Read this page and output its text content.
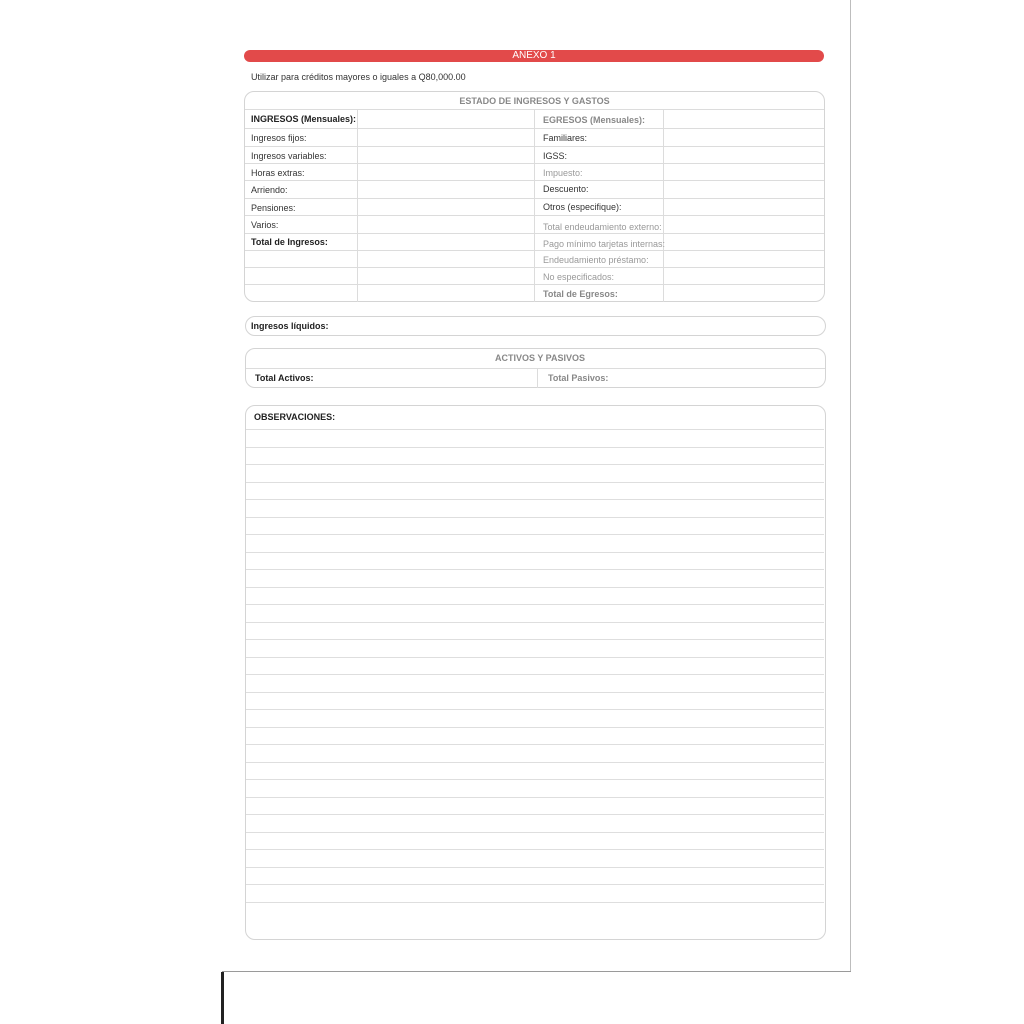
ANEXO 1
Utilizar para créditos mayores o iguales a Q80,000.00
ESTADO DE INGRESOS Y GASTOS
INGRESOS (Mensuales):
Ingresos fijos:
Ingresos variables:
Horas extras:
Arriendo:
Pensiones:
Varios:
Total de Ingresos:
EGRESOS (Mensuales):
Familiares:
IGSS:
Impuesto:
Descuento:
Otros (especifique):
Total endeudamiento externo:
Pago mínimo tarjetas internas:
Endeudamiento préstamo:
No especificados:
Total de Egresos:
Ingresos líquidos:
ACTIVOS Y PASIVOS
Total Activos:	Total Pasivos:
OBSERVACIONES:
